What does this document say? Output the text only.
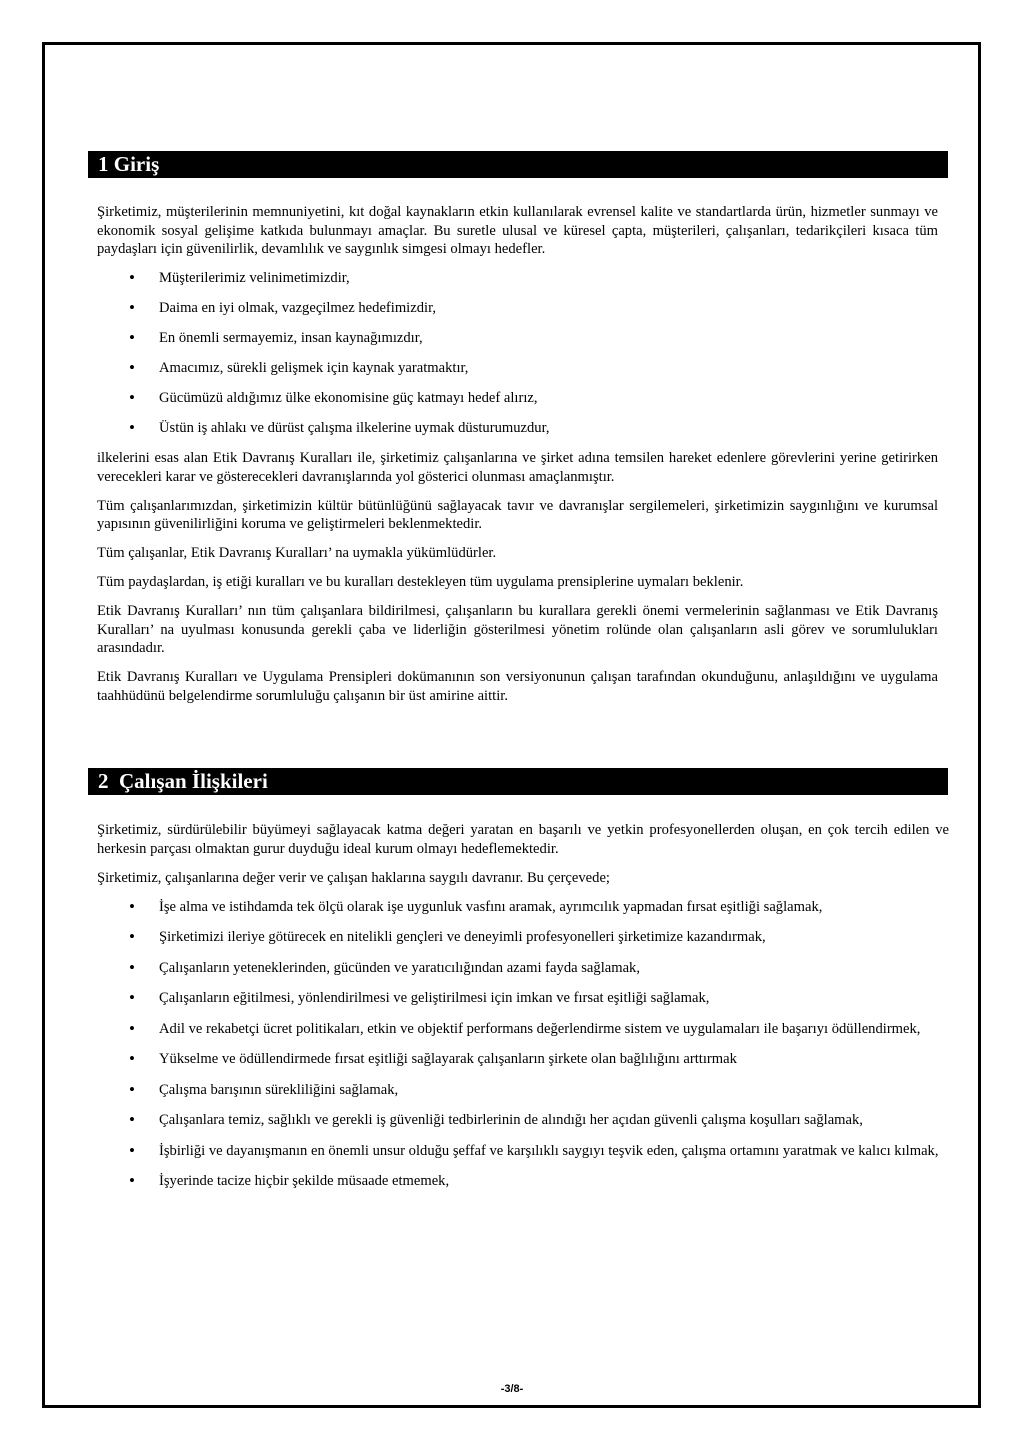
1 Giriş

Şirketimiz, müşterilerinin memnuniyetini, kıt doğal kaynakların etkin kullanılarak evrensel kalite ve standartlarda ürün, hizmetler sunmayı ve ekonomik sosyal gelişime katkıda bulunmayı amaçlar. Bu suretle ulusal ve küresel çapta, müşterileri, çalışanları, tedarikçileri kısaca tüm paydaşları için güvenilirlik, devamlılık ve saygınlık simgesi olmayı hedefler.

• Müşterilerimiz velinimetimizdir,
• Daima en iyi olmak, vazgeçilmez hedefimizdir,
• En önemli sermayemiz, insan kaynağımızdır,
• Amacımız, sürekli gelişmek için kaynak yaratmaktır,
• Gücümüzü aldığımız ülke ekonomisine güç katmayı hedef alırız,
• Üstün iş ahlakı ve dürüst çalışma ilkelerine uymak düsturumuzdur,

ilkelerini esas alan Etik Davranış Kuralları ile, şirketimiz çalışanlarına ve şirket adına temsilen hareket edenlere görevlerini yerine getirirken verecekleri karar ve gösterecekleri davranışlarında yol gösterici olunması amaçlanmıştır.

Tüm çalışanlarımızdan, şirketimizin kültür bütünlüğünü sağlayacak tavır ve davranışlar sergilemeleri, şirketimizin saygınlığını ve kurumsal yapısının güvenilirliğini koruma ve geliştirmeleri beklenmektedir.

Tüm çalışanlar, Etik Davranış Kuralları’ na uymakla yükümlüdürler.

Tüm paydaşlardan, iş etiği kuralları ve bu kuralları destekleyen tüm uygulama prensiplerine uymaları beklenir.

Etik Davranış Kuralları’ nın tüm çalışanlara bildirilmesi, çalışanların bu kurallara gerekli önemi vermelerinin sağlanması ve Etik Davranış Kuralları’ na uyulması konusunda gerekli çaba ve liderliğin gösterilmesi yönetim rolünde olan çalışanların asli görev ve sorumlulukları arasındadır.

Etik Davranış Kuralları ve Uygulama Prensipleri dokümanının son versiyonunun çalışan tarafından okunduğunu, anlaşıldığını ve uygulama taahhüdünü belgelendirme sorumluluğu çalışanın bir üst amirine aittir.

2  Çalışan İlişkileri

Şirketimiz, sürdürülebilir büyümeyi sağlayacak katma değeri yaratan en başarılı ve yetkin profesyonellerden oluşan, en çok tercih edilen ve herkesin parçası olmaktan gurur duyduğu ideal kurum olmayı hedeflemektedir.

Şirketimiz, çalışanlarına değer verir ve çalışan haklarına saygılı davranır. Bu çerçevede;

• İşe alma ve istihdamda tek ölçü olarak işe uygunluk vasfını aramak, ayrımcılık yapmadan fırsat eşitliği sağlamak,
• Şirketimizi ileriye götürecek en nitelikli gençleri ve deneyimli profesyonelleri şirketimize kazandırmak,
• Çalışanların yeteneklerinden, gücünden ve yaratıcılığından azami fayda sağlamak,
• Çalışanların eğitilmesi, yönlendirilmesi ve geliştirilmesi için imkan ve fırsat eşitliği sağlamak,
• Adil ve rekabetçi ücret politikaları, etkin ve objektif performans değerlendirme sistem ve uygulamaları ile başarıyı ödüllendirmek,
• Yükselme ve ödüllendirmede fırsat eşitliği sağlayarak çalışanların şirkete olan bağlılığını arttırmak
• Çalışma barışının sürekliliğini sağlamak,
• Çalışanlara temiz, sağlıklı ve gerekli iş güvenliği tedbirlerinin de alındığı her açıdan güvenli çalışma koşulları sağlamak,
• İşbirliği ve dayanışmanın en önemli unsur olduğu şeffaf ve karşılıklı saygıyı teşvik eden, çalışma ortamını yaratmak ve kalıcı kılmak,
• İşyerinde tacize hiçbir şekilde müsaade etmemek,
-3/8-
